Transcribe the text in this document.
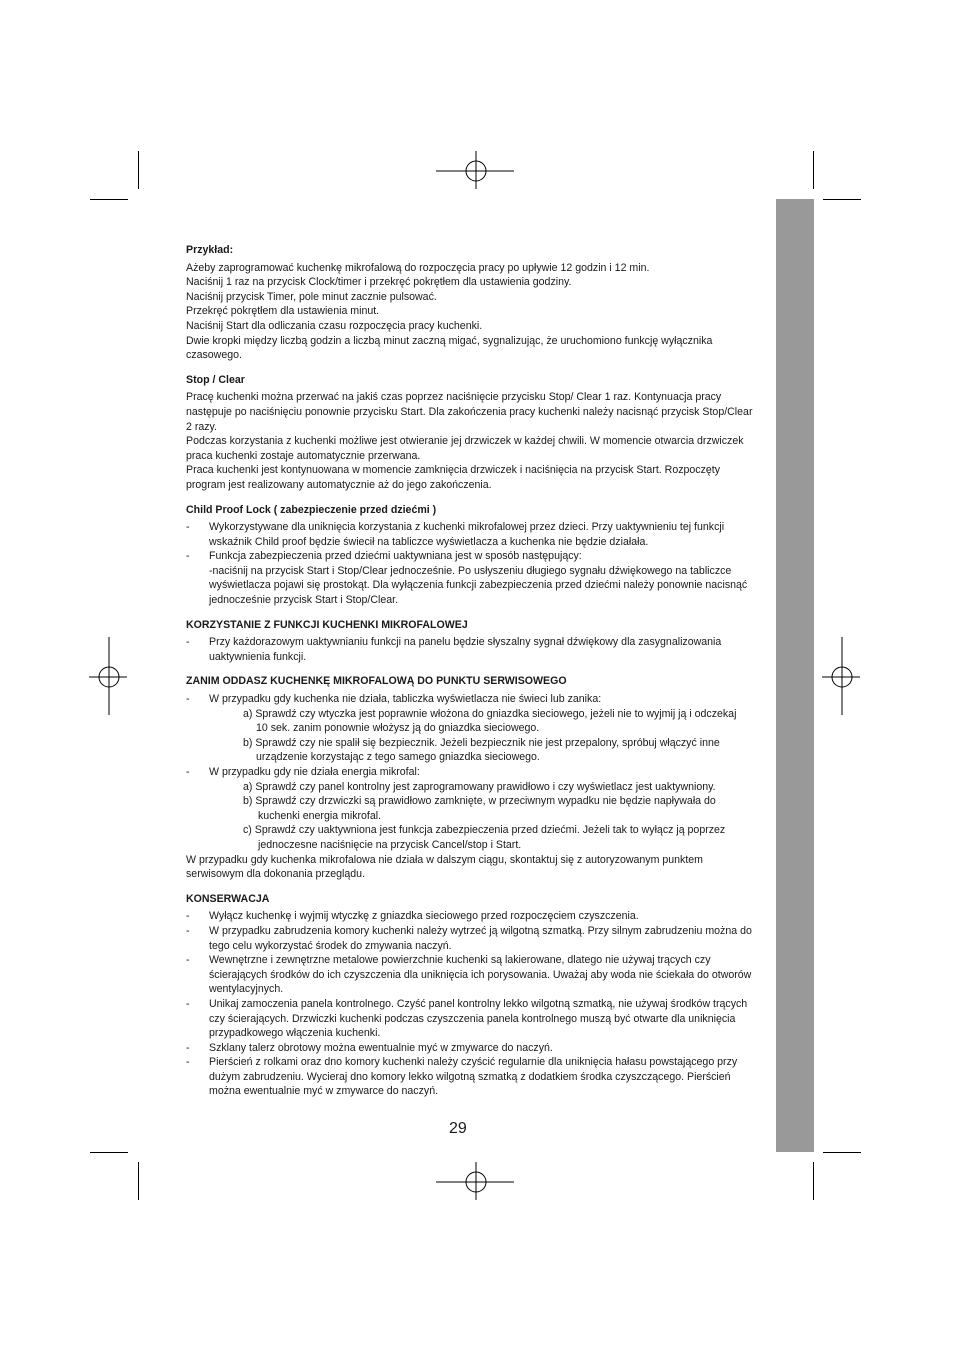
Przykład:

Ażeby zaprogramować kuchenkę mikrofalową do rozpoczęcia pracy po upływie 12 godzin i 12 min.

Naciśnij 1 raz na przycisk Clock/timer i przekręć pokrętłem dla ustawienia godziny.

Naciśnij przycisk Timer, pole minut zacznie pulsować.

Przekręć pokrętłem dla ustawienia minut.

Naciśnij Start dla odliczania czasu rozpoczęcia pracy kuchenki.

Dwie kropki między liczbą godzin a liczbą minut zaczną migać, sygnalizując, że uruchomiono funkcję wyłącznika czasowego.

Stop / Clear

Pracę kuchenki można przerwać na jakiś czas poprzez naciśnięcie przycisku Stop/ Clear 1 raz. Kontynuacja pracy następuje po naciśnięciu ponownie przycisku Start. Dla zakończenia pracy kuchenki należy nacisnąć przycisk Stop/Clear 2 razy.

Podczas korzystania z kuchenki możliwe jest otwieranie jej drzwiczek w każdej chwili. W momencie otwarcia drzwiczek praca kuchenki zostaje automatycznie przerwana.

Praca kuchenki jest kontynuowana w momencie zamknięcia drzwiczek i naciśnięcia na przycisk Start. Rozpoczęty program jest realizowany automatycznie aż do jego zakończenia.

Child Proof Lock ( zabezpieczenie przed dziećmi )

- Wykorzystywane dla uniknięcia korzystania z kuchenki mikrofalowej przez dzieci. Przy uaktywnieniu tej funkcji wskaźnik Child proof będzie świecił na tabliczce wyświetlacza a kuchenka nie będzie działała.
- Funkcja zabezpieczenia przed dziećmi uaktywniana jest w sposób następujący:

-naciśnij na przycisk Start i Stop/Clear jednocześnie. Po usłyszeniu długiego sygnału dźwiękowego na tabliczce wyświetlacza pojawi się prostokąt. Dla wyłączenia funkcji zabezpieczenia przed dziećmi należy ponownie nacisnąć jednocześnie przycisk Start i Stop/Clear.

KORZYSTANIE Z FUNKCJI KUCHENKI MIKROFALOWEJ

- Przy każdorazowym uaktywnianiu funkcji na panelu będzie słyszalny sygnał dźwiękowy dla zasygnalizowania uaktywnienia funkcji.

ZANIM ODDASZ KUCHENKĘ MIKROFALOWĄ DO PUNKTU SERWISOWEGO

- W przypadku gdy kuchenka nie działa, tabliczka wyświetlacza nie świeci lub zanika:

a) Sprawdź czy wtyczka jest poprawnie włożona do gniazdka sieciowego, jeżeli nie to wyjmij ją i odczekaj

10 sek. zanim ponownie włożysz ją do gniazdka sieciowego.

b) Sprawdź czy nie spalił się bezpiecznik. Jeżeli bezpiecznik nie jest przepalony, spróbuj włączyć inne

urządzenie korzystając z tego samego gniazdka sieciowego.

- W przypadku gdy nie działa energia mikrofal:

a) Sprawdź czy panel kontrolny jest zaprogramowany prawidłowo i czy wyświetlacz jest uaktywniony.

b) Sprawdź czy drzwiczki są prawidłowo zamknięte, w przeciwnym wypadku nie będzie napływała do

kuchenki energia mikrofal.

c) Sprawdź czy uaktywniona jest funkcja zabezpieczenia przed dziećmi. Jeżeli tak to wyłącz ją poprzez

jednoczesne naciśnięcie na przycisk Cancel/stop i Start.

W przypadku gdy kuchenka mikrofalowa nie działa w dalszym ciągu, skontaktuj się z autoryzowanym punktem serwisowym dla dokonania przeglądu.

KONSERWACJA

- Wyłącz kuchenkę i wyjmij wtyczkę z gniazdka sieciowego przed rozpoczęciem czyszczenia.
- W przypadku zabrudzenia komory kuchenki należy wytrzeć ją wilgotną szmatką. Przy silnym zabrudzeniu można do tego celu wykorzystać środek do zmywania naczyń.
- Wewnętrzne i zewnętrzne metalowe powierzchnie kuchenki są lakierowane, dlatego nie używaj trących czy ścierających środków do ich czyszczenia dla uniknięcia ich porysowania. Uważaj aby woda nie ściekała do otworów wentylacyjnych.
- Unikaj zamoczenia panela kontrolnego. Czyść panel kontrolny lekko wilgotną szmatką, nie używaj środków trących czy ścierających. Drzwiczki kuchenki podczas czyszczenia panela kontrolnego muszą być otwarte dla uniknięcia przypadkowego włączenia kuchenki.
- Szklany talerz obrotowy można ewentualnie myć w zmywarce do naczyń.
- Pierścień z rolkami oraz dno komory kuchenki należy czyścić regularnie dla uniknięcia hałasu powstającego przy dużym zabrudzeniu. Wycieraj dno komory lekko wilgotną szmatką z dodatkiem środka czyszczącego. Pierścień można ewentualnie myć w zmywarce do naczyń.
29
